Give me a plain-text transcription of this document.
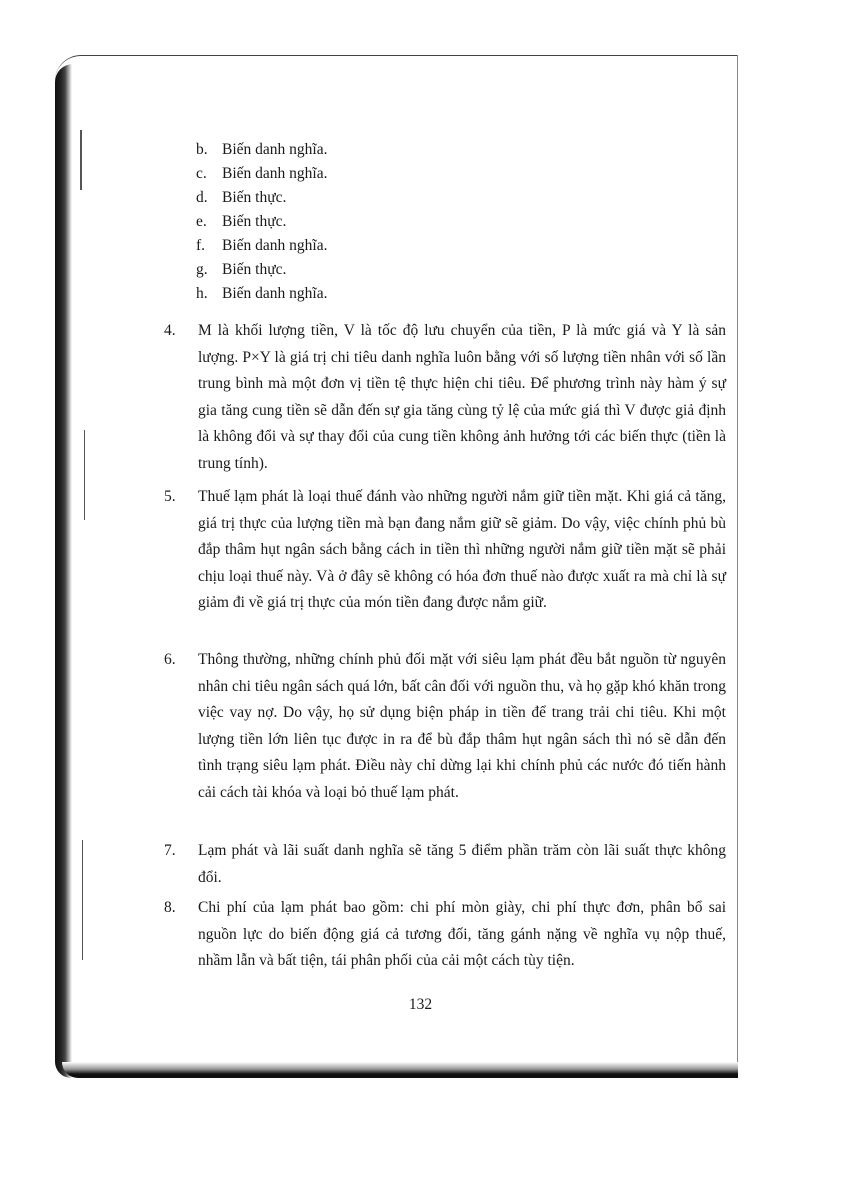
b. Biến danh nghĩa.
c. Biến danh nghĩa.
d. Biến thực.
e. Biến thực.
f. Biến danh nghĩa.
g. Biến thực.
h. Biến danh nghĩa.
4. M là khối lượng tiền, V là tốc độ lưu chuyển của tiền, P là mức giá và Y là sản lượng. P×Y là giá trị chi tiêu danh nghĩa luôn bằng với số lượng tiền nhân với số lần trung bình mà một đơn vị tiền tệ thực hiện chi tiêu. Để phương trình này hàm ý sự gia tăng cung tiền sẽ dẫn đến sự gia tăng cùng tỷ lệ của mức giá thì V được giả định là không đổi và sự thay đổi của cung tiền không ảnh hưởng tới các biến thực (tiền là trung tính).
5. Thuế lạm phát là loại thuế đánh vào những người nắm giữ tiền mặt. Khi giá cả tăng, giá trị thực của lượng tiền mà bạn đang nắm giữ sẽ giảm. Do vậy, việc chính phủ bù đắp thâm hụt ngân sách bằng cách in tiền thì những người nắm giữ tiền mặt sẽ phải chịu loại thuế này. Và ở đây sẽ không có hóa đơn thuế nào được xuất ra mà chỉ là sự giảm đi về giá trị thực của món tiền đang được nắm giữ.
6. Thông thường, những chính phủ đối mặt với siêu lạm phát đều bắt nguồn từ nguyên nhân chi tiêu ngân sách quá lớn, bất cân đối với nguồn thu, và họ gặp khó khăn trong việc vay nợ. Do vậy, họ sử dụng biện pháp in tiền để trang trải chi tiêu. Khi một lượng tiền lớn liên tục được in ra để bù đắp thâm hụt ngân sách thì nó sẽ dẫn đến tình trạng siêu lạm phát. Điều này chỉ dừng lại khi chính phủ các nước đó tiến hành cải cách tài khóa và loại bỏ thuế lạm phát.
7. Lạm phát và lãi suất danh nghĩa sẽ tăng 5 điểm phần trăm còn lãi suất thực không đổi.
8. Chi phí của lạm phát bao gồm: chi phí mòn giày, chi phí thực đơn, phân bổ sai nguồn lực do biến động giá cả tương đối, tăng gánh nặng về nghĩa vụ nộp thuế, nhầm lẫn và bất tiện, tái phân phối của cải một cách tùy tiện.
132
